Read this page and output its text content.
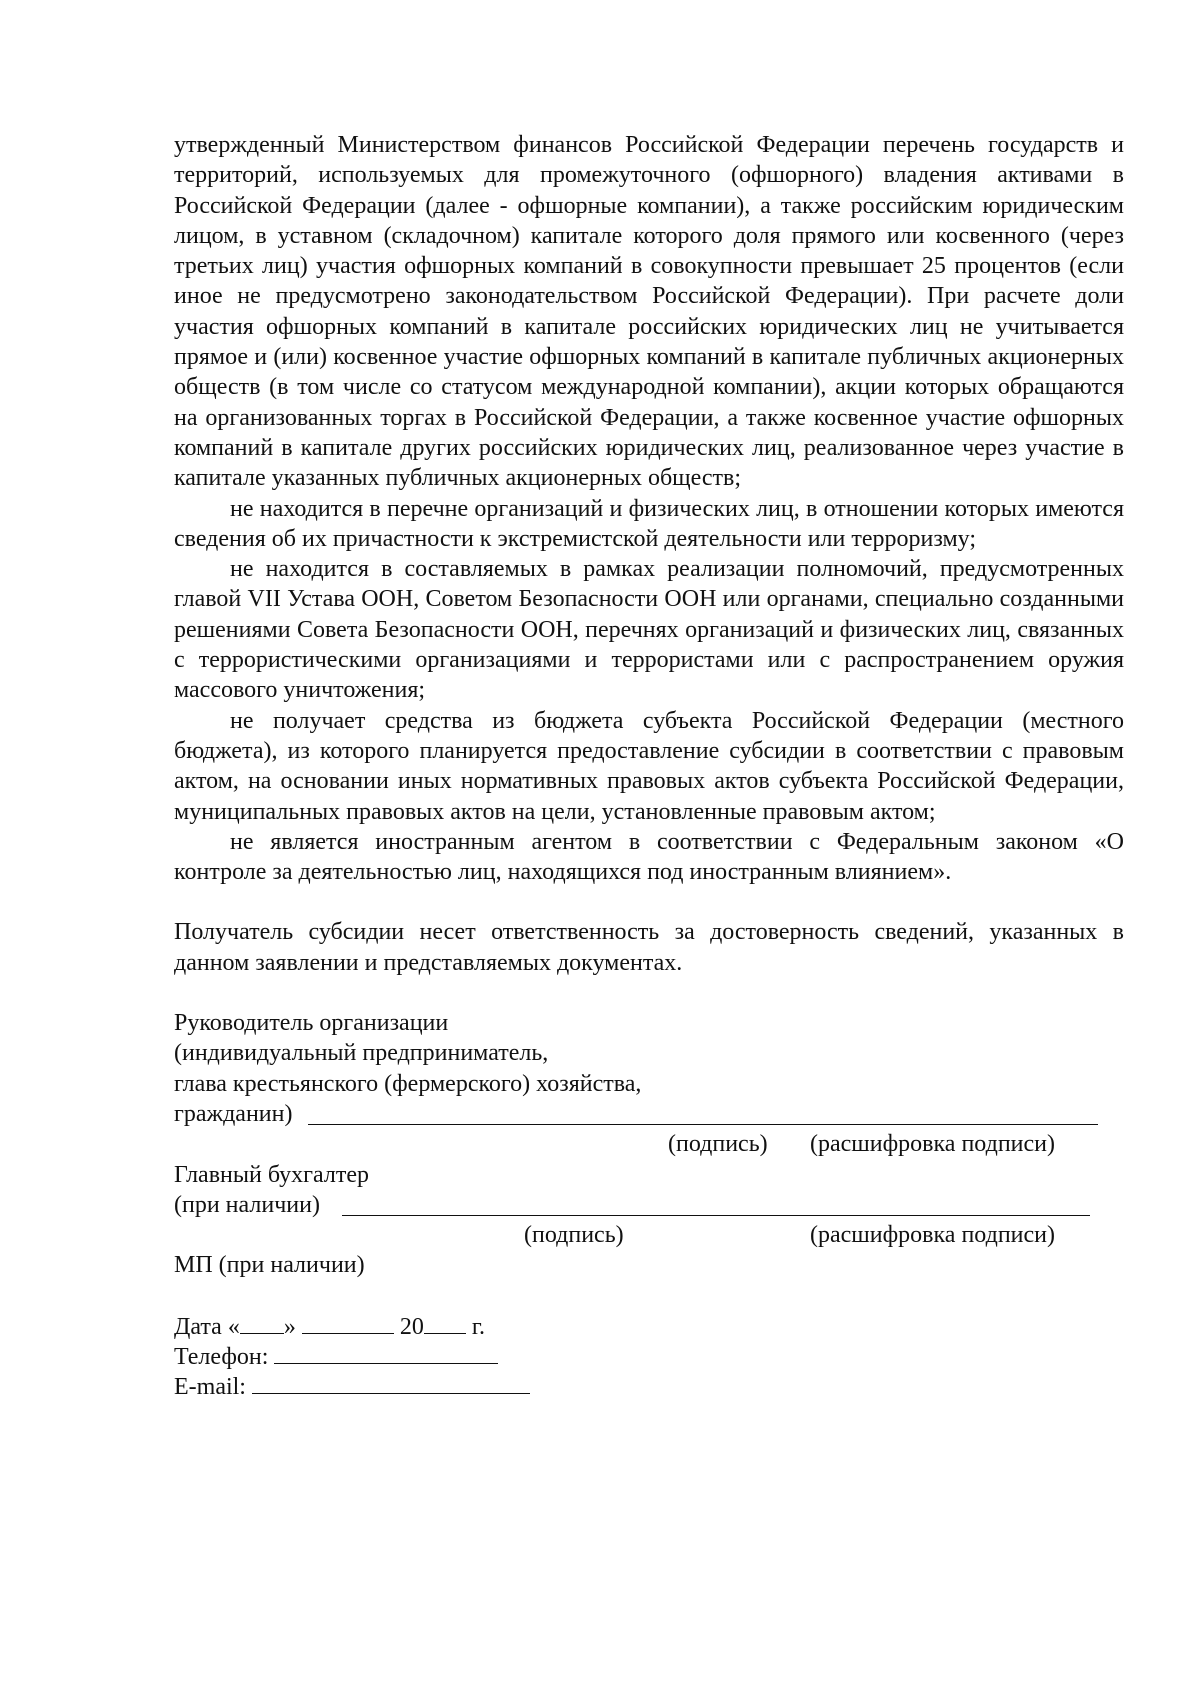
утвержденный Министерством финансов Российской Федерации перечень государств и территорий, используемых для промежуточного (офшорного) владения активами в Российской Федерации (далее - офшорные компании), а также российским юридическим лицом, в уставном (складочном) капитале которого доля прямого или косвенного (через третьих лиц) участия офшорных компаний в совокупности превышает 25 процентов (если иное не предусмотрено законодательством Российской Федерации). При расчете доли участия офшорных компаний в капитале российских юридических лиц не учитывается прямое и (или) косвенное участие офшорных компаний в капитале публичных акционерных обществ (в том числе со статусом международной компании), акции которых обращаются на организованных торгах в Российской Федерации, а также косвенное участие офшорных компаний в капитале других российских юридических лиц, реализованное через участие в капитале указанных публичных акционерных обществ;

не находится в перечне организаций и физических лиц, в отношении которых имеются сведения об их причастности к экстремистской деятельности или терроризму;

не находится в составляемых в рамках реализации полномочий, предусмотренных главой VII Устава ООН, Советом Безопасности ООН или органами, специально созданными решениями Совета Безопасности ООН, перечнях организаций и физических лиц, связанных с террористическими организациями и террористами или с распространением оружия массового уничтожения;

не получает средства из бюджета субъекта Российской Федерации (местного бюджета), из которого планируется предоставление субсидии в соответствии с правовым актом, на основании иных нормативных правовых актов субъекта Российской Федерации, муниципальных правовых актов на цели, установленные правовым актом;

не является иностранным агентом в соответствии с Федеральным законом «О контроле за деятельностью лиц, находящихся под иностранным влиянием».

Получатель субсидии несет ответственность за достоверность сведений, указанных в данном заявлении и представляемых документах.

Руководитель организации
(индивидуальный предприниматель,
глава крестьянского (фермерского) хозяйства,
гражданин)
(подпись) (расшифровка подписи)
Главный бухгалтер
(при наличии)
(подпись)	(расшифровка подписи)
МП (при наличии)
Дата « »	20 г.
Телефон:
E-mail:
